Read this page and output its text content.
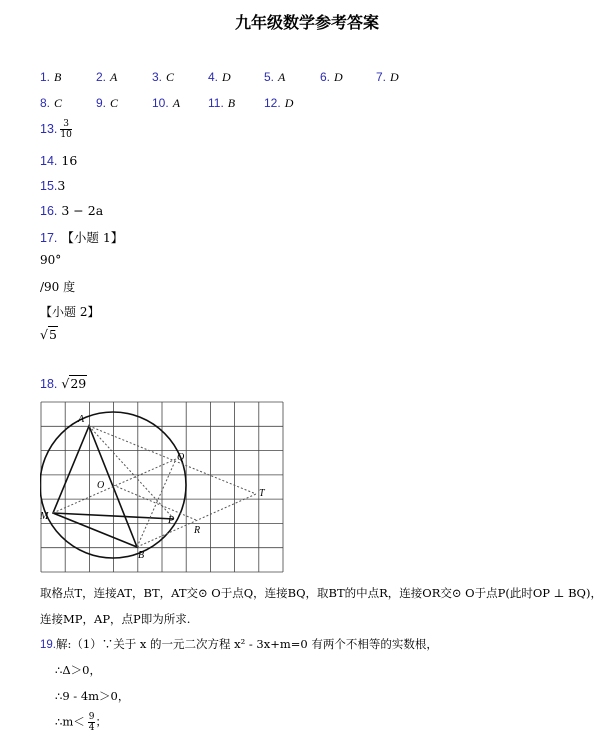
九年级数学参考答案
1. B	2. A	3. C	4. D	5. A	6. D	7. D
8. C	9. C	10. A 11. B 12. D
13. $\frac{3}{10}$
14. 16
15.3
16. 3 − 2a
17. 【小题 1】
90°
/90 度
【小题 2】
√5
18. √29
A
Q
O
T
M	P
R
B
取格点T，连接AT，BT，AT交⊙ O于点Q，连接BQ，取BT的中点R，连接OR交⊙ O于点P(此时OP ⊥ BQ)，
连接MP，AP，点P即为所求.
19.解:（1）∵关于 x 的一元二次方程 x² - 3x+m=0 有两个不相等的实数根，
∴Δ＞0，
∴9 - 4m＞0，
∴m＜ $\frac{9}{4}$ ；
